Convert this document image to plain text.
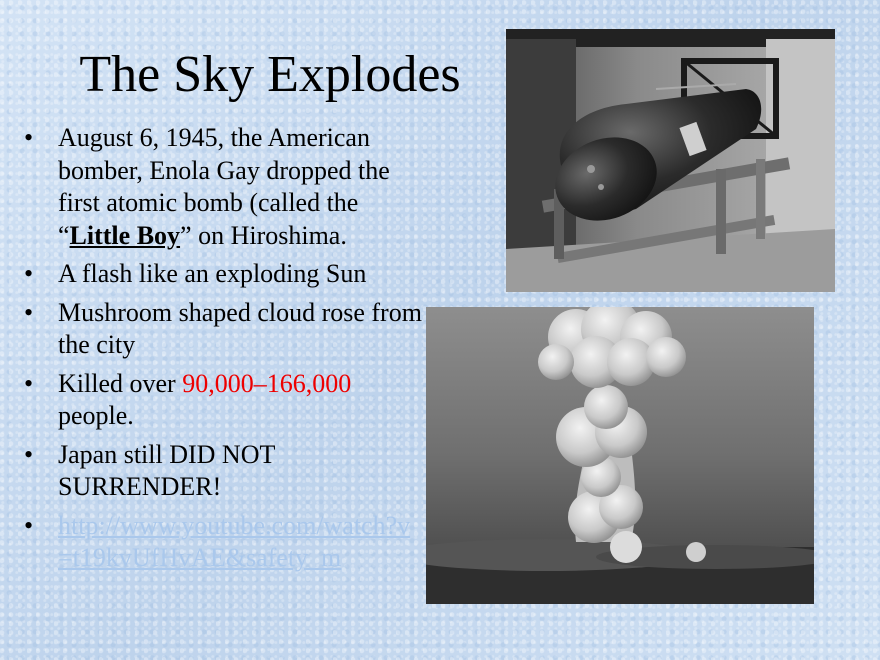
The Sky Explodes
• August 6, 1945, the American bomber, Enola Gay dropped the first atomic bomb (called the “Little Boy” on Hiroshima.
• A flash like an exploding Sun
• Mushroom shaped cloud rose from the city
• Killed over 90,000–166,000 people.
• Japan still DID NOT SURRENDER!
• http://www.youtube.com/watch?v=t19kvUfHvAE&safety_m
